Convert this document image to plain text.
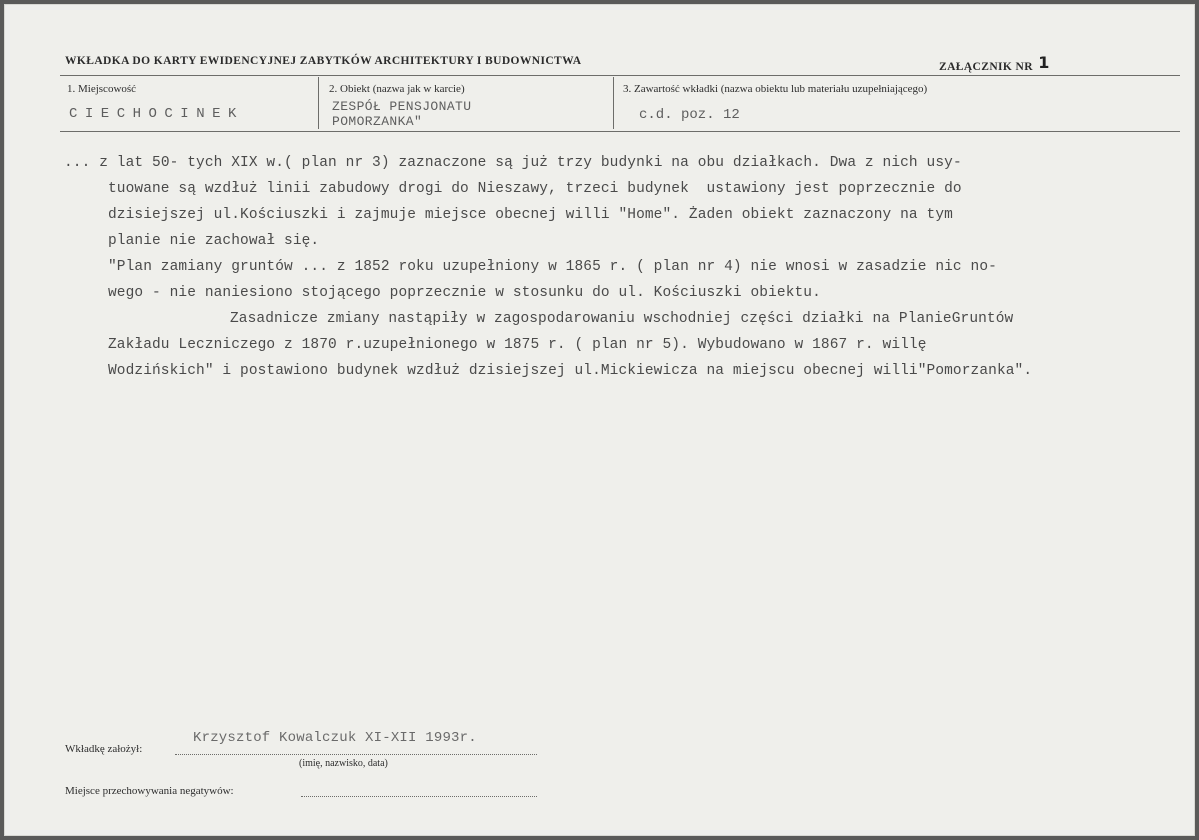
WKŁADKA DO KARTY EWIDENCYJNEJ ZABYTKÓW ARCHITEKTURY I BUDOWNICTWA	ZAŁĄCZNIK NR 1
1. Miejscowość
CIECHOCINEK
2. Obiekt (nazwa jak w karcie)
ZESPÓŁ PENSJONATU
POMORZANKA"
3. Zawartość wkładki (nazwa obiektu lub materiału uzupełniającego)
c.d. poz. 12
... z lat 50- tych XIX w.( plan nr 3) zaznaczone są już trzy budynki na obu działkach. Dwa z nich usy-
tuowane są wzdłuż linii zabudowy drogi do Nieszawy, trzeci budynek  ustawiony jest poprzecznie do
dzisiejszej ul.Kościuszki i zajmuje miejsce obecnej willi "Home". Żaden obiekt zaznaczony na tym
planie nie zachował się.
"Plan zamiany gruntów ... z 1852 roku uzupełniony w 1865 r. ( plan nr 4) nie wnosi w zasadzie nic no-
wego - nie naniesiono stojącego poprzecznie w stosunku do ul. Kościuszki obiektu.
Zasadnicze zmiany nastąpiły w zagospodarowaniu wschodniej części działki na PlanieGruntów
Zakładu Leczniczego z 1870 r.uzupełnionego w 1875 r. ( plan nr 5). Wybudowano w 1867 r. willę
Wodzińskich" i postawiono budynek wzdłuż dzisiejszej ul.Mickiewicza na miejscu obecnej willi"Pomorzanka".
Wkładkę założył:
Krzysztof Kowalczuk XI-XII 1993r.
(imię, nazwisko, data)
Miejsce przechowywania negatywów:
